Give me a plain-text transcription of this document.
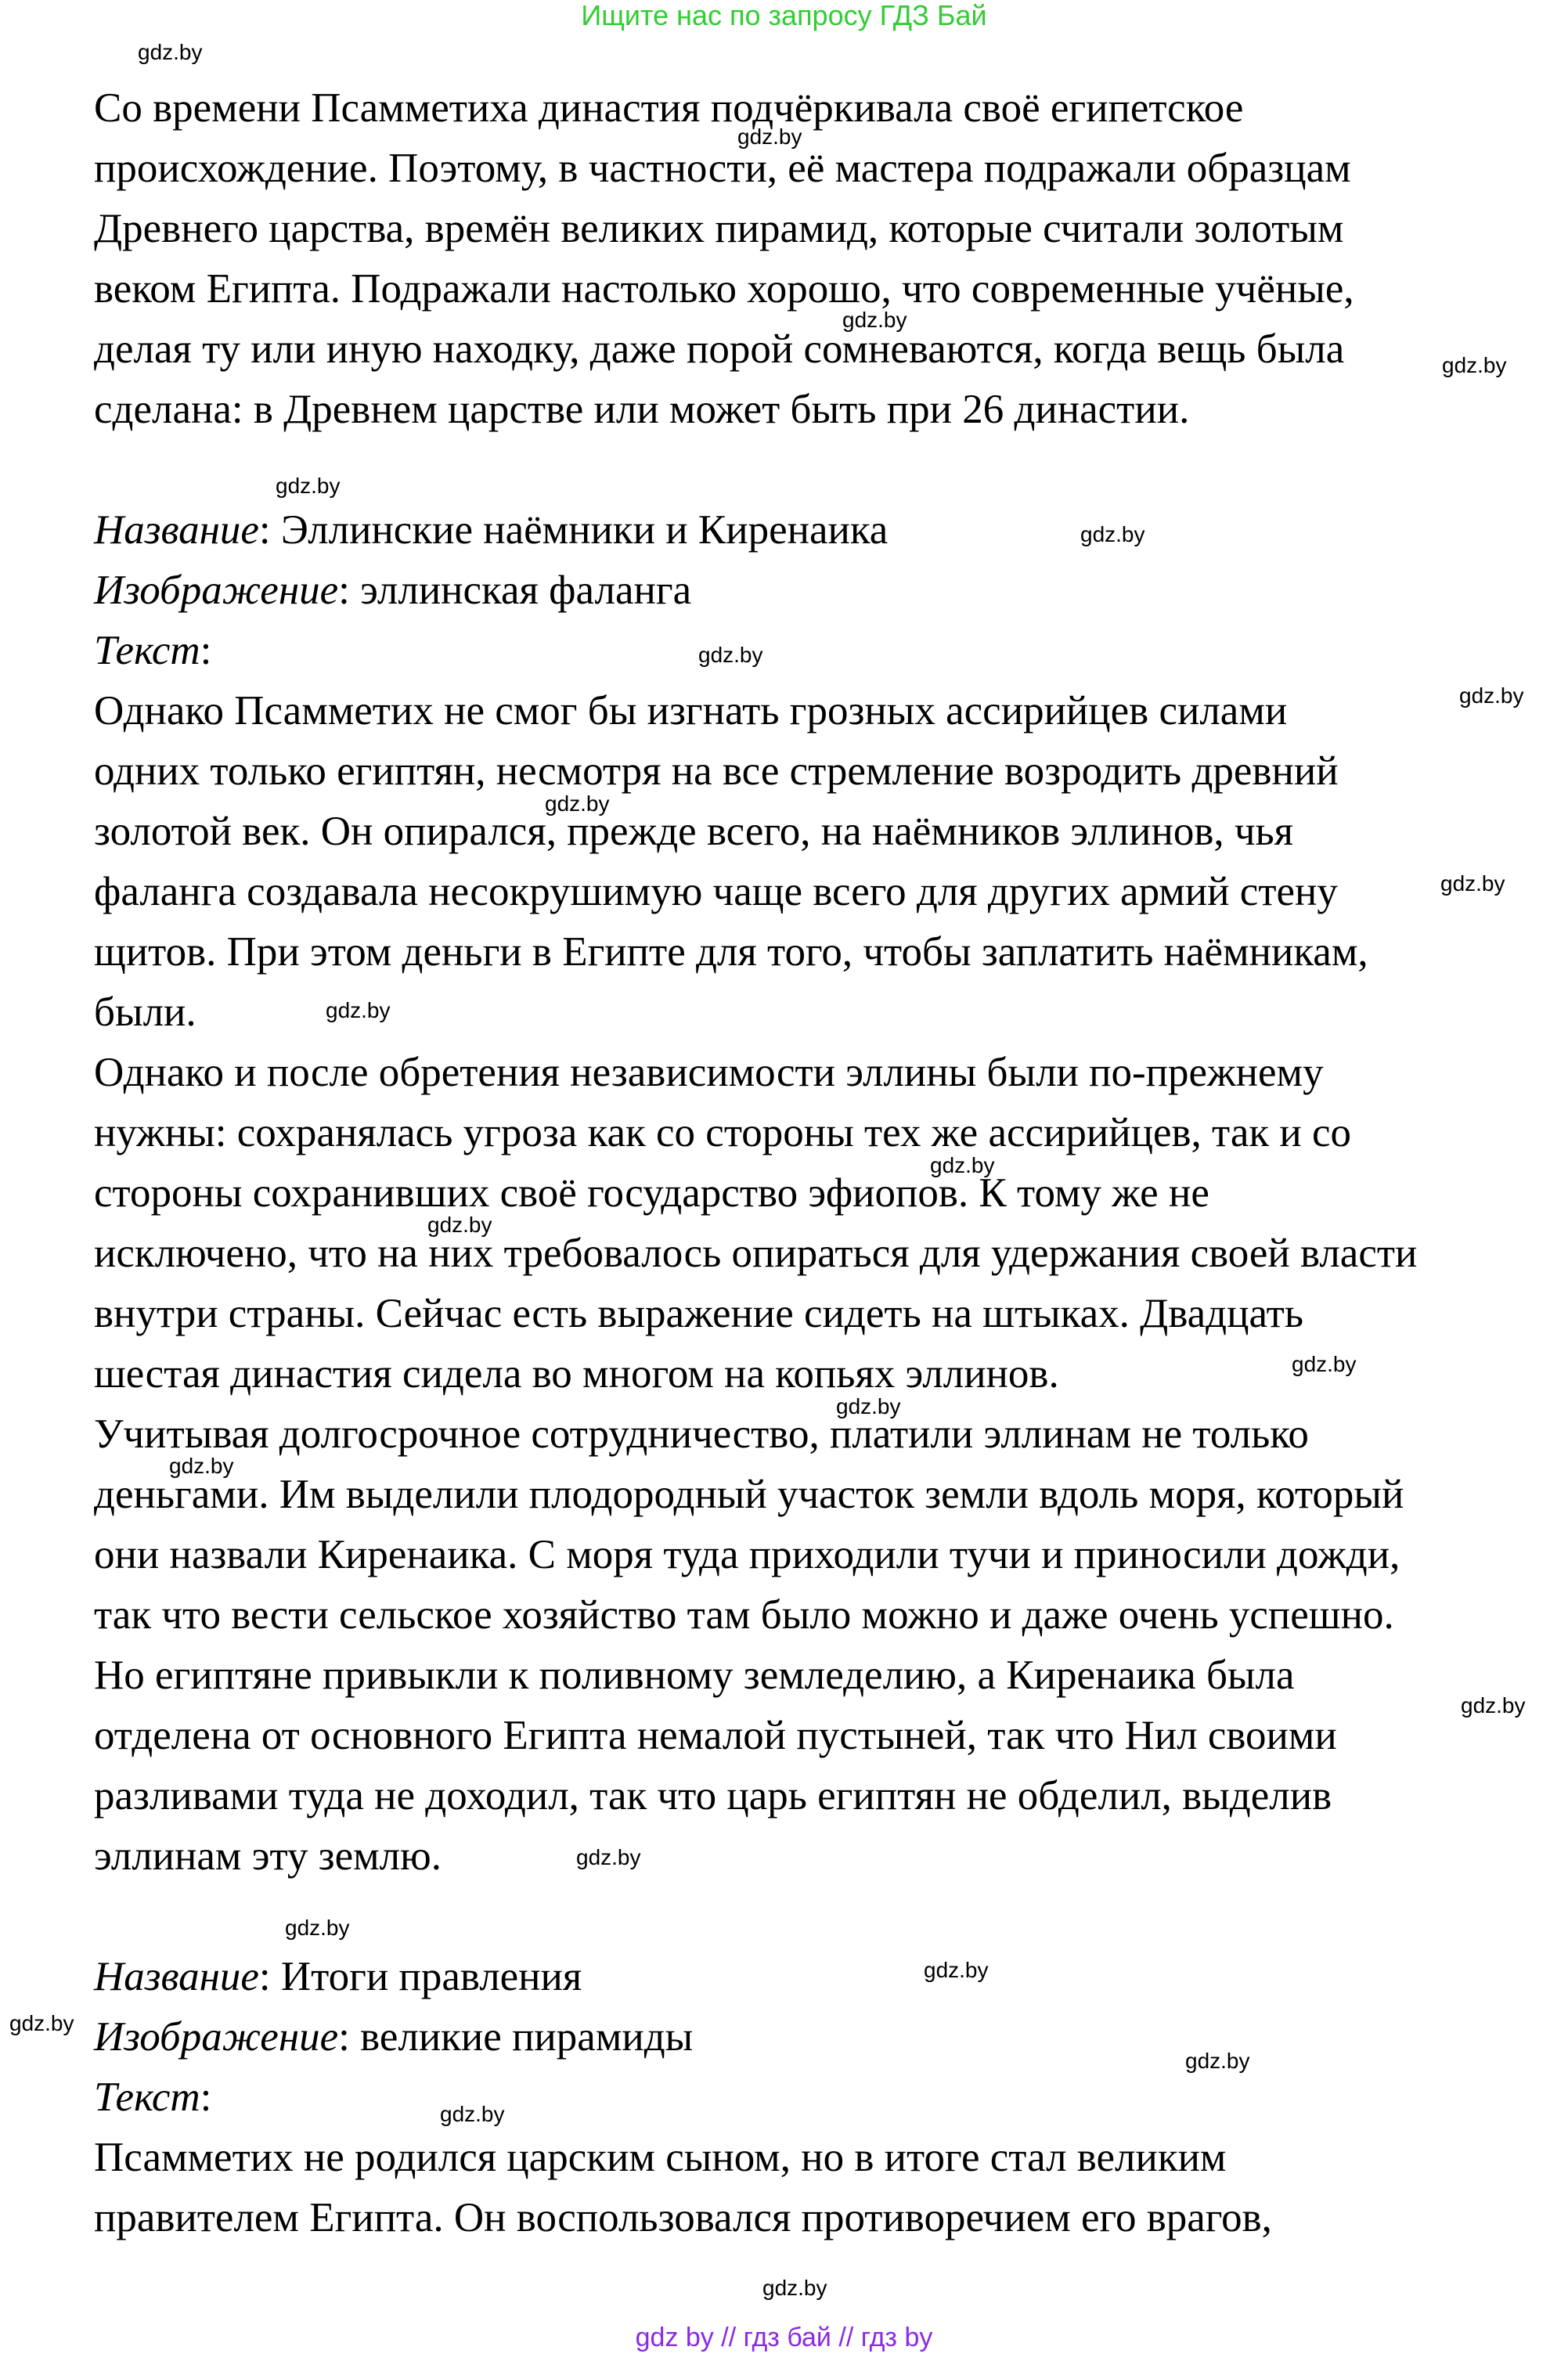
Ищите нас по запросу ГДЗ Бай

Со времени Псамметиха династия подчёркивала своё египетское
происхождение. Поэтому, в частности, её мастера подражали образцам
Древнего царства, времён великих пирамид, которые считали золотым
веком Египта. Подражали настолько хорошо, что современные учёные,
делая ту или иную находку, даже порой сомневаются, когда вещь была
сделана: в Древнем царстве или может быть при 26 династии.

Название: Эллинские наёмники и Киренаика

Изображение: эллинская фаланга

Текст:

Однако Псамметих не смог бы изгнать грозных ассирийцев силами
одних только египтян, несмотря на все стремление возродить древний
золотой век. Он опирался, прежде всего, на наёмников эллинов, чья
фаланга создавала несокрушимую чаще всего для других армий стену
щитов. При этом деньги в Египте для того, чтобы заплатить наёмникам,
были.

Однако и после обретения независимости эллины были по-прежнему
нужны: сохранялась угроза как со стороны тех же ассирийцев, так и со
стороны сохранивших своё государство эфиопов. К тому же не
исключено, что на них требовалось опираться для удержания своей власти
внутри страны. Сейчас есть выражение сидеть на штыках. Двадцать
шестая династия сидела во многом на копьях эллинов.

Учитывая долгосрочное сотрудничество, платили эллинам не только
деньгами. Им выделили плодородный участок земли вдоль моря, который
они назвали Киренаика. С моря туда приходили тучи и приносили дожди,
так что вести сельское хозяйство там было можно и даже очень успешно.
Но египтяне привыкли к поливному земледелию, а Киренаика была
отделена от основного Египта немалой пустыней, так что Нил своими
разливами туда не доходил, так что царь египтян не обделил, выделив
эллинам эту землю.

Название: Итоги правления

Изображение: великие пирамиды

Текст:

Псамметих не родился царским сыном, но в итоге стал великим
правителем Египта. Он воспользовался противоречием его врагов,

gdz.by
gdz.by
gdz.by
gdz.by
gdz.by
gdz.by
gdz.by
gdz.by
gdz.by
gdz.by
gdz.by
gdz.by
gdz.by
gdz.by
gdz.by
gdz.by
gdz.by
gdz.by
gdz.by
gdz.by
gdz.by
gdz.by
gdz.by
gdz.by
gdz by // гдз бай // гдз by
